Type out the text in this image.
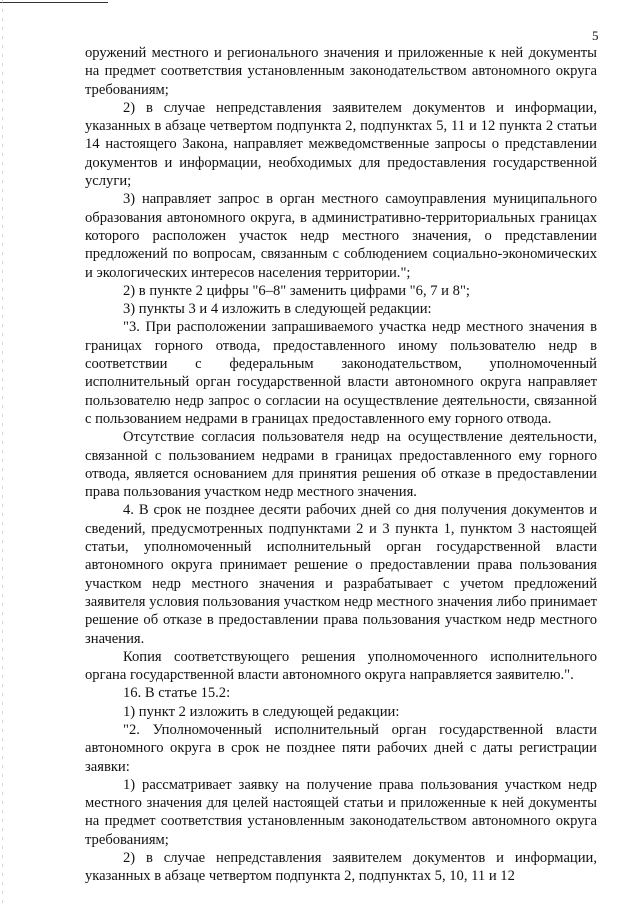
5

оружений местного и регионального значения и приложенные к ней документы на предмет соответствия установленным законодательством автономного округа требованиям;

2) в случае непредставления заявителем документов и информации, указанных в абзаце четвертом подпункта 2, подпунктах 5, 11 и 12 пункта 2 статьи 14 настоящего Закона, направляет межведомственные запросы о представлении документов и информации, необходимых для предоставления государственной услуги;

3) направляет запрос в орган местного самоуправления муниципального образования автономного округа, в административно-территориальных границах которого расположен участок недр местного значения, о представлении предложений по вопросам, связанным с соблюдением социально-экономических и экологических интересов населения территории.";

2) в пункте 2 цифры "6–8" заменить цифрами "6, 7 и 8";

3) пункты 3 и 4 изложить в следующей редакции:

"3. При расположении запрашиваемого участка недр местного значения в границах горного отвода, предоставленного иному пользователю недр в соответствии с федеральным законодательством, уполномоченный исполнительный орган государственной власти автономного округа направляет пользователю недр запрос о согласии на осуществление деятельности, связанной с пользованием недрами в границах предоставленного ему горного отвода.

Отсутствие согласия пользователя недр на осуществление деятельности, связанной с пользованием недрами в границах предоставленного ему горного отвода, является основанием для принятия решения об отказе в предоставлении права пользования участком недр местного значения.

4. В срок не позднее десяти рабочих дней со дня получения документов и сведений, предусмотренных подпунктами 2 и 3 пункта 1, пунктом 3 настоящей статьи, уполномоченный исполнительный орган государственной власти автономного округа принимает решение о предоставлении права пользования участком недр местного значения и разрабатывает с учетом предложений заявителя условия пользования участком недр местного значения либо принимает решение об отказе в предоставлении права пользования участком недр местного значения.

Копия соответствующего решения уполномоченного исполнительного органа государственной власти автономного округа направляется заявителю.".

16. В статье 15.2:

1) пункт 2 изложить в следующей редакции:

"2. Уполномоченный исполнительный орган государственной власти автономного округа в срок не позднее пяти рабочих дней с даты регистрации заявки:

1) рассматривает заявку на получение права пользования участком недр местного значения для целей настоящей статьи и приложенные к ней документы на предмет соответствия установленным законодательством автономного округа требованиям;

2) в случае непредставления заявителем документов и информации, указанных в абзаце четвертом подпункта 2, подпунктах 5, 10, 11 и 12
